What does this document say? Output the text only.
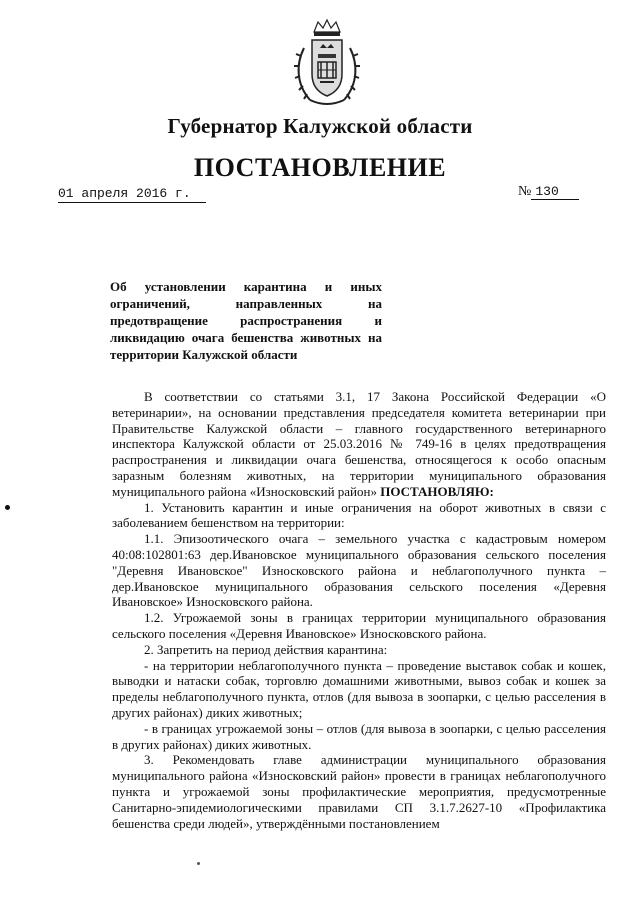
Губернатор Калужской области
ПОСТАНОВЛЕНИЕ
01 апреля 2016 г.	№ 130
Об установлении карантина и иных ограничений, направленных на предотвращение распространения и ликвидацию очага бешенства животных на территории Калужской области

В соответствии со статьями 3.1, 17 Закона Российской Федерации «О ветеринарии», на основании представления председателя комитета ветеринарии при Правительстве Калужской области – главного государственного ветеринарного инспектора Калужской области от 25.03.2016 № 749-16 в целях предотвращения распространения и ликвидации очага бешенства, относящегося к особо опасным заразным болезням животных, на территории муниципального образования муниципального района «Износковский район» ПОСТАНОВЛЯЮ:

1. Установить карантин и иные ограничения на оборот животных в связи с заболеванием бешенством на территории:

1.1. Эпизоотического очага – земельного участка с кадастровым номером 40:08:102801:63 дер.Ивановское муниципального образования сельского поселения "Деревня Ивановское" Износковского района и неблагополучного пункта – дер.Ивановское муниципального образования сельского поселения «Деревня Ивановское» Износковского района.

1.2. Угрожаемой зоны в границах территории муниципального образования сельского поселения «Деревня Ивановское» Износковского района.

2. Запретить на период действия карантина:

- на территории неблагополучного пункта – проведение выставок собак и кошек, выводки и натаски собак, торговлю домашними животными, вывоз собак и кошек за пределы неблагополучного пункта, отлов (для вывоза в зоопарки, с целью расселения в других районах) диких животных;

- в границах угрожаемой зоны – отлов (для вывоза в зоопарки, с целью расселения в других районах) диких животных.

3. Рекомендовать главе администрации муниципального образования муниципального района «Износковский район» провести в границах неблагополучного пункта и угрожаемой зоны профилактические мероприятия, предусмотренные Санитарно-эпидемиологическими правилами СП 3.1.7.2627-10 «Профилактика бешенства среди людей», утверждёнными постановлением
